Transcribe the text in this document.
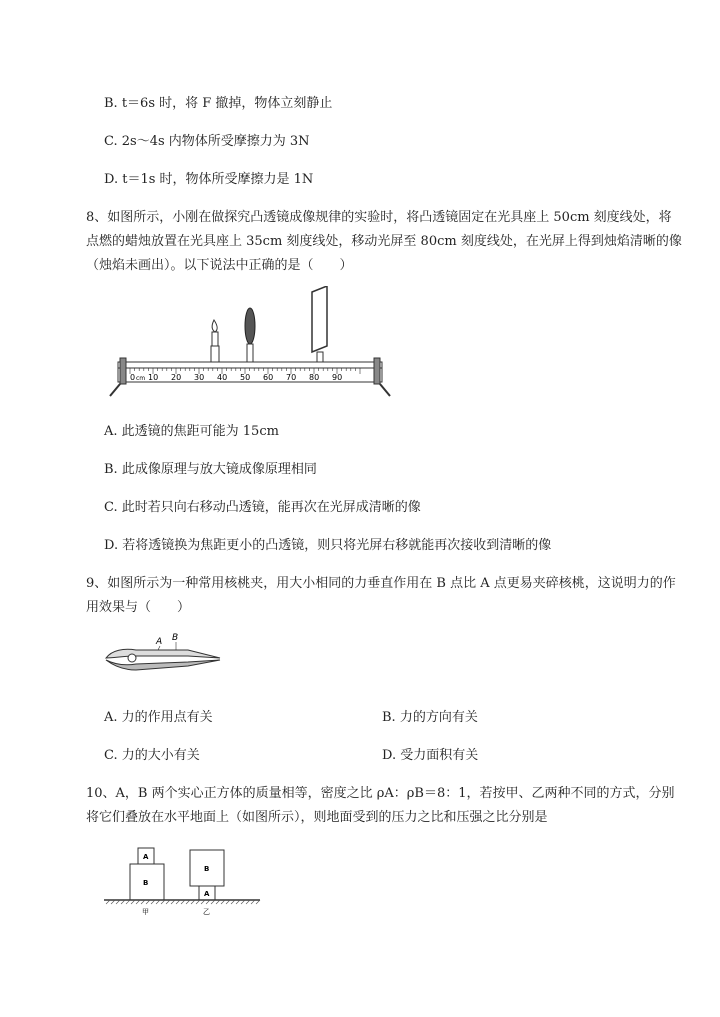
B. t＝6s 时，将 F 撤掉，物体立刻静止
C. 2s～4s 内物体所受摩擦力为 3N
D. t＝1s 时，物体所受摩擦力是 1N
8、如图所示，小刚在做探究凸透镜成像规律的实验时，将凸透镜固定在光具座上 50cm 刻度线处，将
点燃的蜡烛放置在光具座上 35cm 刻度线处，移动光屏至 80cm 刻度线处，在光屏上得到烛焰清晰的像
（烛焰未画出）。以下说法中正确的是（　　）
0 cm 10 20 30 40 50 60 70 80 90
A. 此透镜的焦距可能为 15cm
B. 此成像原理与放大镜成像原理相同
C. 此时若只向右移动凸透镜，能再次在光屏成清晰的像
D. 若将透镜换为焦距更小的凸透镜，则只将光屏右移就能再次接收到清晰的像
9、如图所示为一种常用核桃夹，用大小相同的力垂直作用在 B 点比 A 点更易夹碎核桃，这说明力的作
用效果与（　　）
A B
A. 力的作用点有关	B. 力的方向有关
C. 力的大小有关	D. 受力面积有关
10、A，B 两个实心正方体的质量相等，密度之比 ρA：ρB＝8：1，若按甲、乙两种不同的方式，分别
将它们叠放在水平地面上（如图所示），则地面受到的压力之比和压强之比分别是
A
B
B
A
甲	乙
